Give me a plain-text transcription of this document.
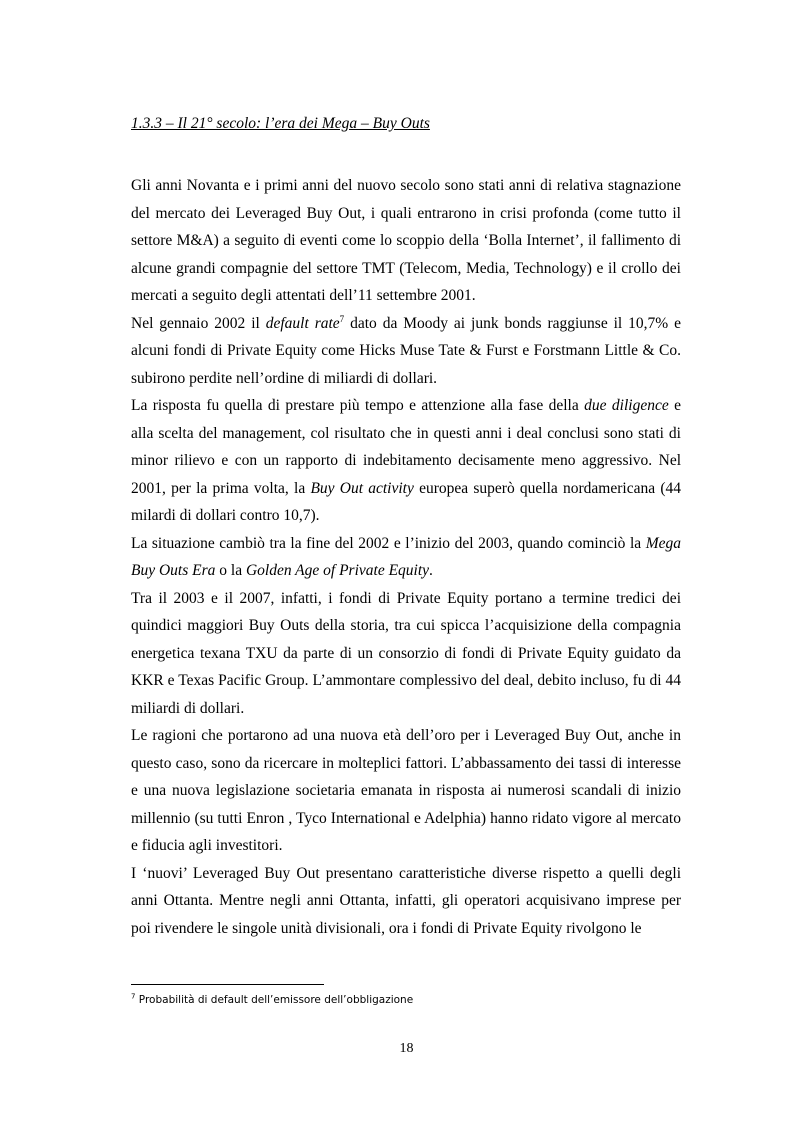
1.3.3 – Il 21° secolo: l’era dei Mega – Buy Outs

Gli anni Novanta e i primi anni del nuovo secolo sono stati anni di relativa stagnazione del mercato dei Leveraged Buy Out, i quali entrarono in crisi profonda (come tutto il settore M&A) a seguito di eventi come lo scoppio della ‘Bolla Internet’, il fallimento di alcune grandi compagnie del settore TMT (Telecom, Media, Technology) e il crollo dei mercati a seguito degli attentati dell’11 settembre 2001.

Nel gennaio 2002 il default rate$^7$ dato da Moody ai junk bonds raggiunse il 10,7% e alcuni fondi di Private Equity come Hicks Muse Tate & Furst e Forstmann Little & Co. subirono perdite nell’ordine di miliardi di dollari.

La risposta fu quella di prestare più tempo e attenzione alla fase della due diligence e alla scelta del management, col risultato che in questi anni i deal conclusi sono stati di minor rilievo e con un rapporto di indebitamento decisamente meno aggressivo. Nel 2001, per la prima volta, la Buy Out activity europea superò quella nordamericana (44 milardi di dollari contro 10,7).

La situazione cambiò tra la fine del 2002 e l’inizio del 2003, quando cominciò la Mega Buy Outs Era o la Golden Age of Private Equity.

Tra il 2003 e il 2007, infatti, i fondi di Private Equity portano a termine tredici dei quindici maggiori Buy Outs della storia, tra cui spicca l’acquisizione della compagnia energetica texana TXU da parte di un consorzio di fondi di Private Equity guidato da KKR e Texas Pacific Group. L’ammontare complessivo del deal, debito incluso, fu di 44 miliardi di dollari.

Le ragioni che portarono ad una nuova età dell’oro per i Leveraged Buy Out, anche in questo caso, sono da ricercare in molteplici fattori. L’abbassamento dei tassi di interesse e una nuova legislazione societaria emanata in risposta ai numerosi scandali di inizio millennio (su tutti Enron , Tyco International e Adelphia) hanno ridato vigore al mercato e fiducia agli investitori.

I ‘nuovi’ Leveraged Buy Out presentano caratteristiche diverse rispetto a quelli degli anni Ottanta. Mentre negli anni Ottanta, infatti, gli operatori acquisivano imprese per poi rivendere le singole unità divisionali, ora i fondi di Private Equity rivolgono le

$^7$ Probabilità di default dell’emissore dell’obbligazione
18
